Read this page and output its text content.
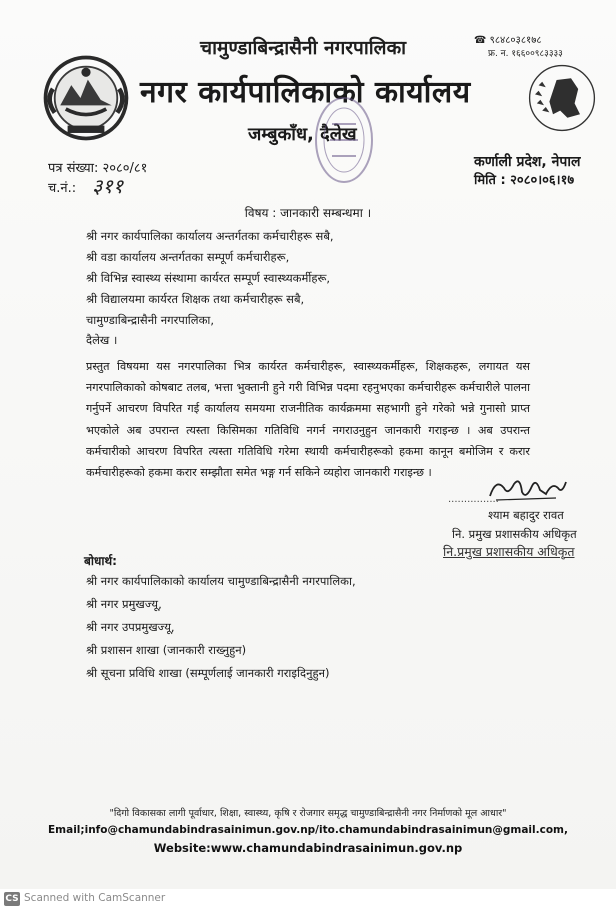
चामुण्डाबिन्द्रासैनी नगरपालिका
नगर कार्यपालिकाको कार्यालय
जम्बुकाँध, दैलेख
☎ ९८४८०३८१७८
फ्र. न. १६६००९८३३३३
पत्र संख्या: २०८०/८१
च.नं.: ३११
कर्णाली प्रदेश, नेपाल
मिति : २०८०।०६।१७
विषय : जानकारी सम्बन्धमा ।
श्री नगर कार्यपालिका कार्यालय अन्तर्गतका कर्मचारीहरू सबै,
श्री वडा कार्यालय अन्तर्गतका सम्पूर्ण कर्मचारीहरू,
श्री विभिन्न स्वास्थ्य संस्थामा कार्यरत सम्पूर्ण स्वास्थ्यकर्मीहरू,
श्री विद्यालयमा कार्यरत शिक्षक तथा कर्मचारीहरू सबै,
चामुण्डाबिन्द्रासैनी नगरपालिका,
दैलेख ।
प्रस्तुत विषयमा यस नगरपालिका भित्र कार्यरत कर्मचारीहरू, स्वास्थ्यकर्मीहरू, शिक्षकहरू, लगायत यस नगरपालिकाको कोषबाट तलब, भत्ता भुक्तानी हुने गरी विभिन्न पदमा रहनुभएका कर्मचारीहरू कर्मचारीले पालना गर्नुपर्ने आचरण विपरित गई कार्यालय समयमा राजनीतिक कार्यक्रममा सहभागी हुने गरेको भन्ने गुनासो प्राप्त भएकोले अब उपरान्त त्यस्ता किसिमका गतिविधि नगर्न नगराउनुहुन जानकारी गराइन्छ । अब उपरान्त कर्मचारीको आचरण विपरित त्यस्ता गतिविधि गरेमा स्थायी कर्मचारीहरूको हकमा कानून बमोजिम र करार कर्मचारीहरूको हकमा करार सम्झौता समेत भङ्ग गर्न सकिने व्यहोरा जानकारी गराइन्छ ।
................
श्याम बहादुर रावत
नि. प्रमुख प्रशासकीय अधिकृत
नि.प्रमुख प्रशासकीय अधिकृत
बोधार्थ:
श्री नगर कार्यपालिकाको कार्यालय चामुण्डाबिन्द्रासैनी नगरपालिका,
श्री नगर प्रमुखज्यू,
श्री नगर उपप्रमुखज्यू,
श्री प्रशासन शाखा (जानकारी राख्नुहुन)
श्री सूचना प्रविधि शाखा (सम्पूर्णलाई जानकारी गराइदिनुहुन)
"दिगो विकासका लागी पूर्वाधार, शिक्षा, स्वास्थ्य, कृषि र रोजगार समृद्ध चामुण्डाबिन्द्रासैनी नगर निर्माणको मूल आधार"
Email;info@chamundabindrasainimun.gov.np/ito.chamundabindrasainimun@gmail.com,
Website:www.chamundabindrasainimun.gov.np
CS Scanned with CamScanner
